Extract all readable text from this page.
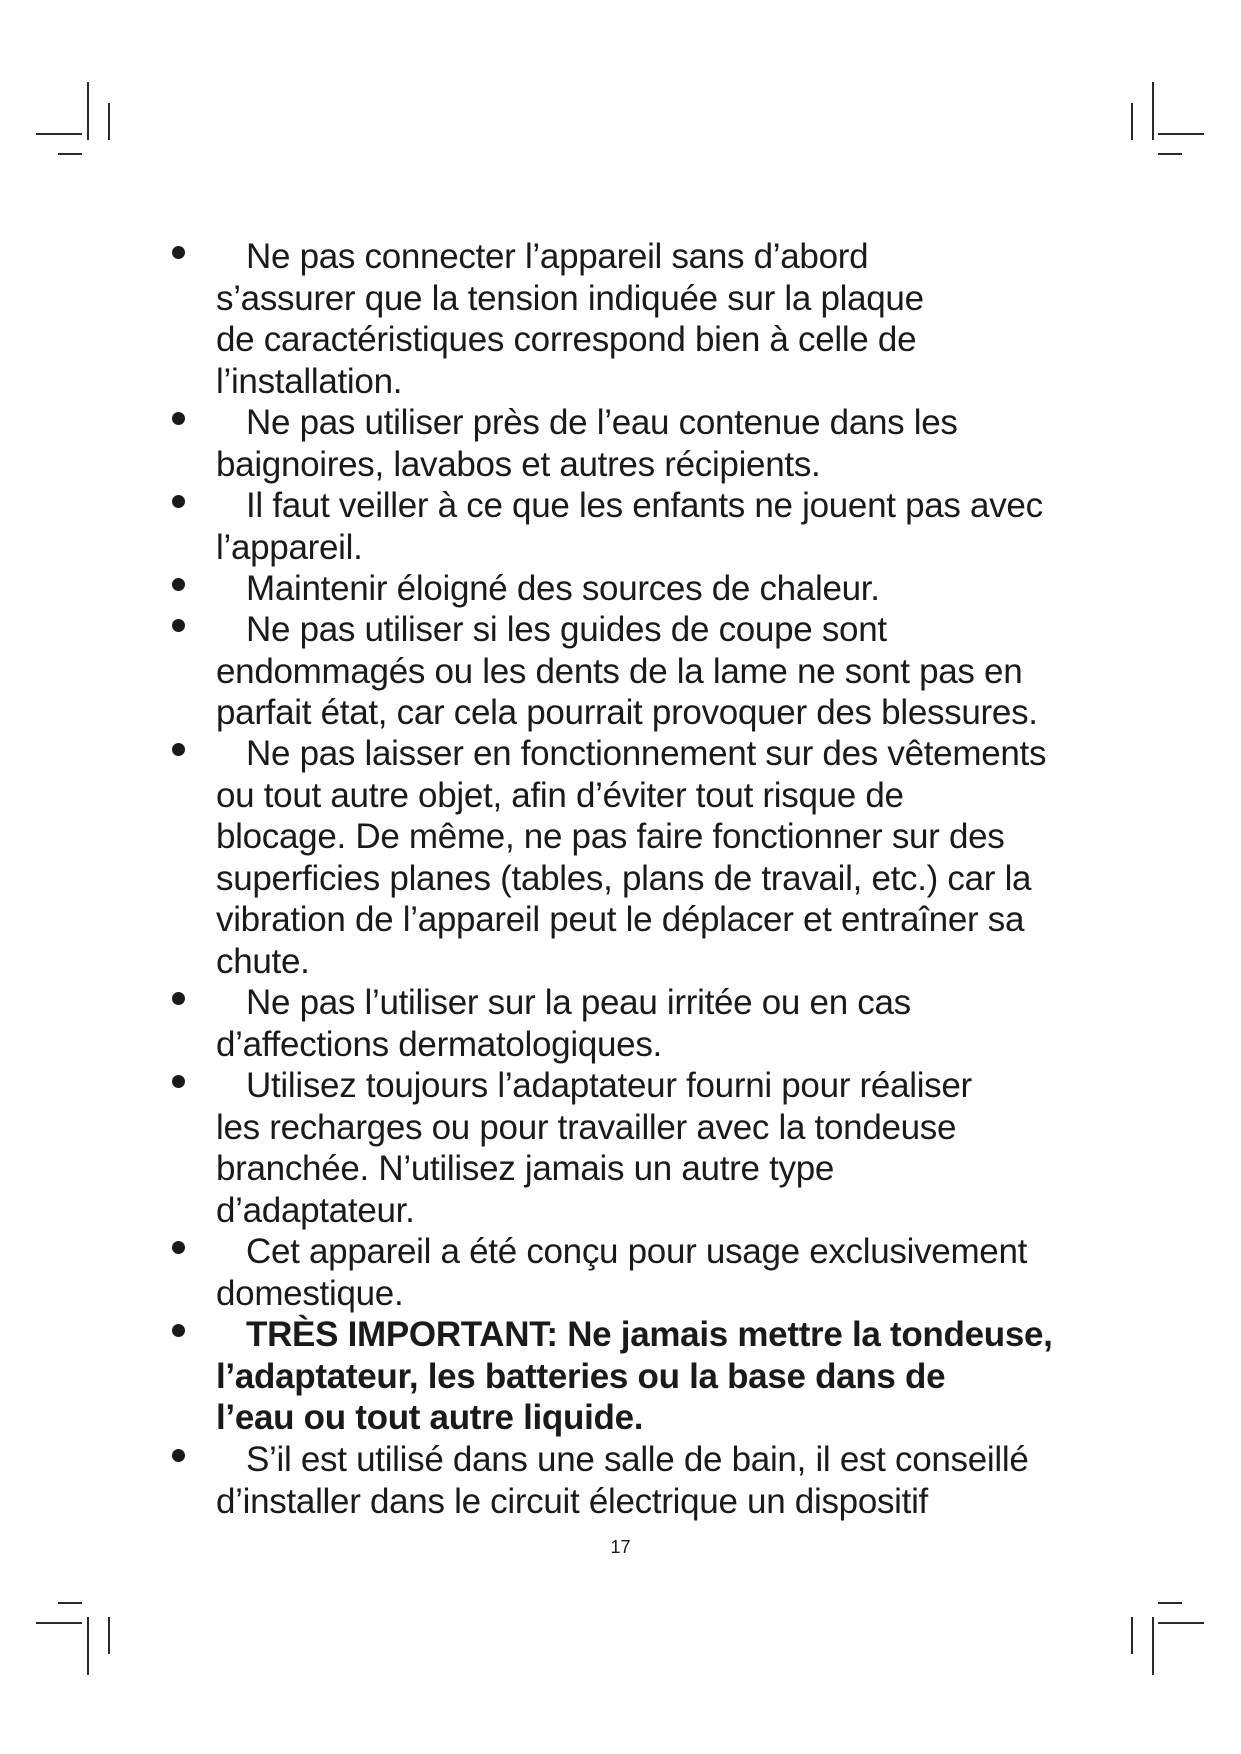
Ne pas connecter l’appareil sans d’abord
s’assurer que la tension indiquée sur la plaque
de caractéristiques correspond bien à celle de
l’installation.

Ne pas utiliser près de l’eau contenue dans les
baignoires, lavabos et autres récipients.

Il faut veiller à ce que les enfants ne jouent pas avec
l’appareil.

Maintenir éloigné des sources de chaleur.

Ne pas utiliser si les guides de coupe sont
endommagés ou les dents de la lame ne sont pas en
parfait état, car cela pourrait provoquer des blessures.

Ne pas laisser en fonctionnement sur des vêtements
ou tout autre objet, afin d’éviter tout risque de
blocage. De même, ne pas faire fonctionner sur des
superficies planes (tables, plans de travail, etc.) car la
vibration de l’appareil peut le déplacer et entraîner sa
chute.

Ne pas l’utiliser sur la peau irritée ou en cas
d’affections dermatologiques.

Utilisez toujours l’adaptateur fourni pour réaliser
les recharges ou pour travailler avec la tondeuse
branchée. N’utilisez jamais un autre type
d’adaptateur.

Cet appareil a été conçu pour usage exclusivement
domestique.

TRÈS IMPORTANT: Ne jamais mettre la tondeuse,
l’adaptateur, les batteries ou la base dans de
l’eau ou tout autre liquide.

S’il est utilisé dans une salle de bain, il est conseillé
d’installer dans le circuit électrique un dispositif

17
